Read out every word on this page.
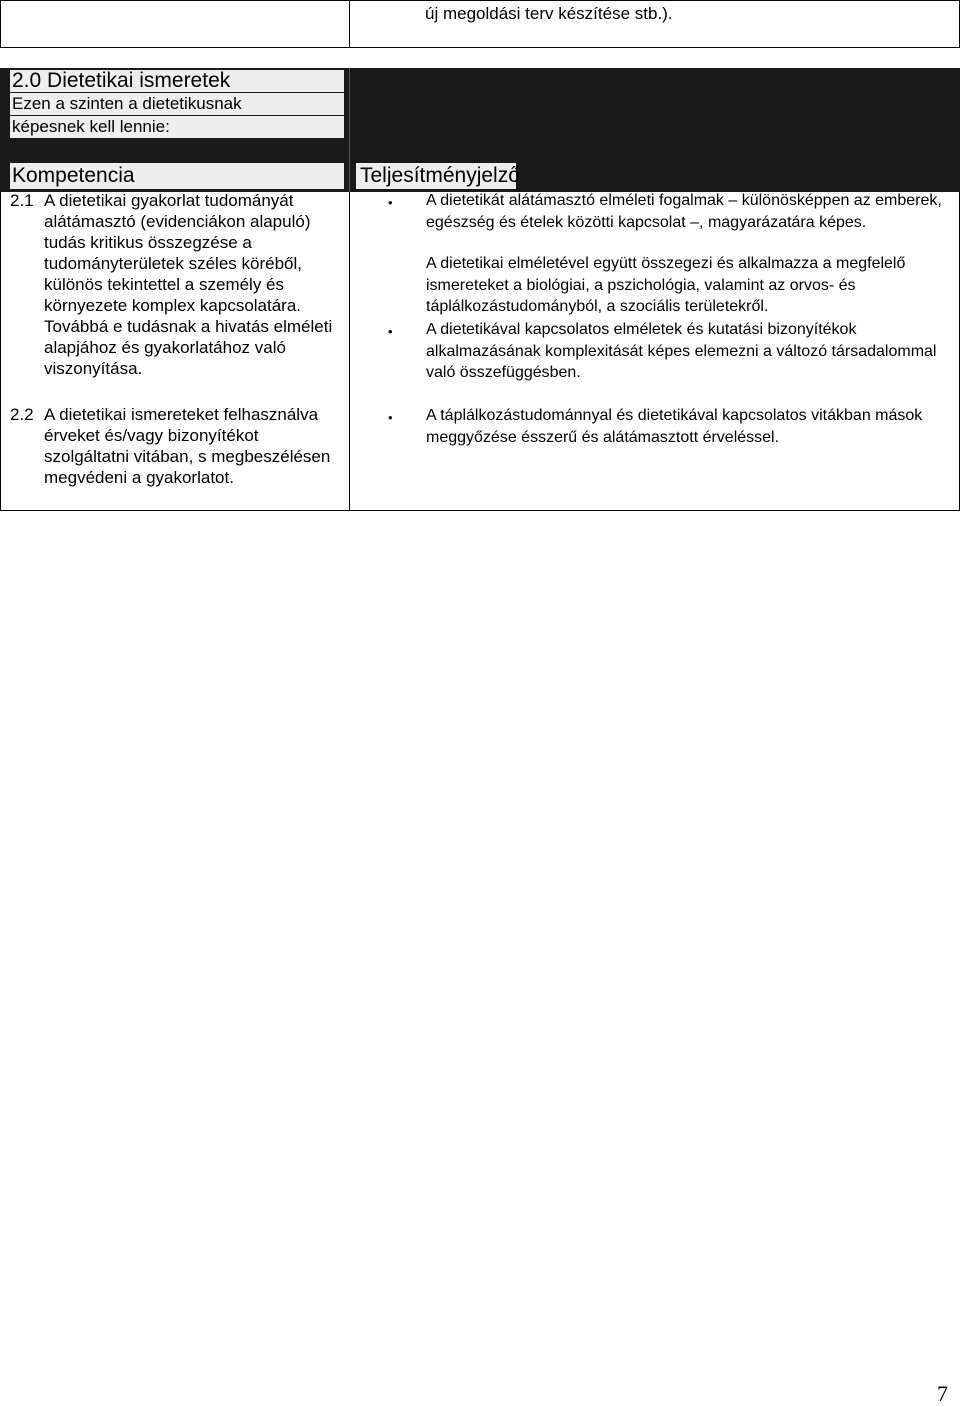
új megoldási terv készítése stb.).
2.0 Dietetikai ismeretek
Ezen a szinten a dietetikusnak
képesnek kell lennie:
Kompetencia	Teljesítményjelző
2.1 A dietetikai gyakorlat tudományát alátámasztó (evidenciákon alapuló) tudás kritikus összegzése a tudományterületek széles köréből, különös tekintettel a személy és környezete komplex kapcsolatára. Továbbá e tudásnak a hivatás elméleti alapjához és gyakorlatához való viszonyítása.
2.2 A dietetikai ismereteket felhasználva érveket és/vagy bizonyítékot szolgáltatni vitában, s megbeszélésen megvédeni a gyakorlatot.
• A dietetikát alátámasztó elméleti fogalmak – különösképpen az emberek, egészség és ételek közötti kapcsolat –, magyarázatára képes.
A dietetikai elméletével együtt összegezi és alkalmazza a megfelelő ismereteket a biológiai, a pszichológia, valamint az orvos- és táplálkozástudományból, a szociális területekről.
• A dietetikával kapcsolatos elméletek és kutatási bizonyítékok alkalmazásának komplexitását képes elemezni a változó társadalommal való összefüggésben.
• A táplálkozástudománnyal és dietetikával kapcsolatos vitákban mások meggyőzése ésszerű és alátámasztott érveléssel.
7
